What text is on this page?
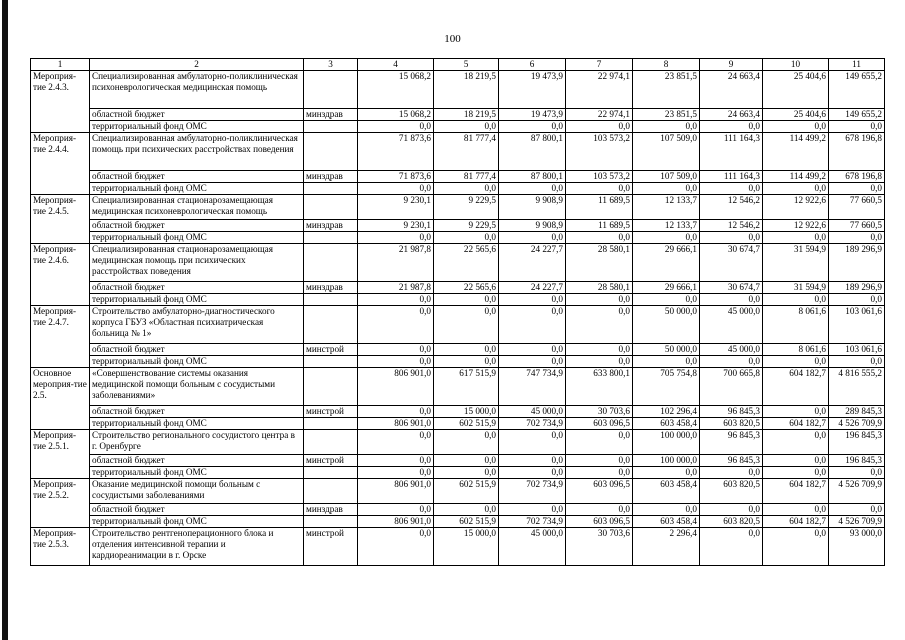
100
1	2	3	4	5	6	7	8	9	10	11
Мероприя-тие 2.4.3.	Специализированная амбулаторно-поликлиническая психоневрологическая медицинская помощь		15 068,2	18 219,5	19 473,9	22 974,1	23 851,5	24 663,4	25 404,6	149 655,2
	областной бюджет	минздрав	15 068,2	18 219,5	19 473,9	22 974,1	23 851,5	24 663,4	25 404,6	149 655,2
	территориальный фонд ОМС		0,0	0,0	0,0	0,0	0,0	0,0	0,0	0,0
Мероприя-тие 2.4.4.	Специализированная амбулаторно-поликлиническая помощь при психических расстройствах поведения		71 873,6	81 777,4	87 800,1	103 573,2	107 509,0	111 164,3	114 499,2	678 196,8
	областной бюджет	минздрав	71 873,6	81 777,4	87 800,1	103 573,2	107 509,0	111 164,3	114 499,2	678 196,8
	территориальный фонд ОМС		0,0	0,0	0,0	0,0	0,0	0,0	0,0	0,0
Мероприя-тие 2.4.5.	Специализированная стационарозамещающая медицинская психоневрологическая помощь		9 230,1	9 229,5	9 908,9	11 689,5	12 133,7	12 546,2	12 922,6	77 660,5
	областной бюджет	минздрав	9 230,1	9 229,5	9 908,9	11 689,5	12 133,7	12 546,2	12 922,6	77 660,5
	территориальный фонд ОМС		0,0	0,0	0,0	0,0	0,0	0,0	0,0	0,0
Мероприя-тие 2.4.6.	Специализированная стационарозамещающая медицинская помощь при психических расстройствах поведения		21 987,8	22 565,6	24 227,7	28 580,1	29 666,1	30 674,7	31 594,9	189 296,9
	областной бюджет	минздрав	21 987,8	22 565,6	24 227,7	28 580,1	29 666,1	30 674,7	31 594,9	189 296,9
	территориальный фонд ОМС		0,0	0,0	0,0	0,0	0,0	0,0	0,0	0,0
Мероприя-тие 2.4.7.	Строительство амбулаторно-диагностического корпуса ГБУЗ «Областная психиатрическая больница № 1»		0,0	0,0	0,0	0,0	50 000,0	45 000,0	8 061,6	103 061,6
	областной бюджет	минстрой	0,0	0,0	0,0	0,0	50 000,0	45 000,0	8 061,6	103 061,6
	территориальный фонд ОМС		0,0	0,0	0,0	0,0	0,0	0,0	0,0	0,0
Основное мероприя-тие 2.5.	«Совершенствование системы оказания медицинской помощи больным с сосудистыми заболеваниями»		806 901,0	617 515,9	747 734,9	633 800,1	705 754,8	700 665,8	604 182,7	4 816 555,2
	областной бюджет	минстрой	0,0	15 000,0	45 000,0	30 703,6	102 296,4	96 845,3	0,0	289 845,3
	территориальный фонд ОМС		806 901,0	602 515,9	702 734,9	603 096,5	603 458,4	603 820,5	604 182,7	4 526 709,9
Мероприя-тие 2.5.1.	Строительство регионального сосудистого центра в г. Оренбурге		0,0	0,0	0,0	0,0	100 000,0	96 845,3	0,0	196 845,3
	областной бюджет	минстрой	0,0	0,0	0,0	0,0	100 000,0	96 845,3	0,0	196 845,3
	территориальный фонд ОМС		0,0	0,0	0,0	0,0	0,0	0,0	0,0	0,0
Мероприя-тие 2.5.2.	Оказание медицинской помощи больным с сосудистыми заболеваниями		806 901,0	602 515,9	702 734,9	603 096,5	603 458,4	603 820,5	604 182,7	4 526 709,9
	областной бюджет	минздрав	0,0	0,0	0,0	0,0	0,0	0,0	0,0	0,0
	территориальный фонд ОМС		806 901,0	602 515,9	702 734,9	603 096,5	603 458,4	603 820,5	604 182,7	4 526 709,9
Мероприя-тие 2.5.3.	Строительство рентгеноперационного блока и отделения интенсивной терапии и кардиореанимации в г. Орске	минстрой	0,0	15 000,0	45 000,0	30 703,6	2 296,4	0,0	0,0	93 000,0
